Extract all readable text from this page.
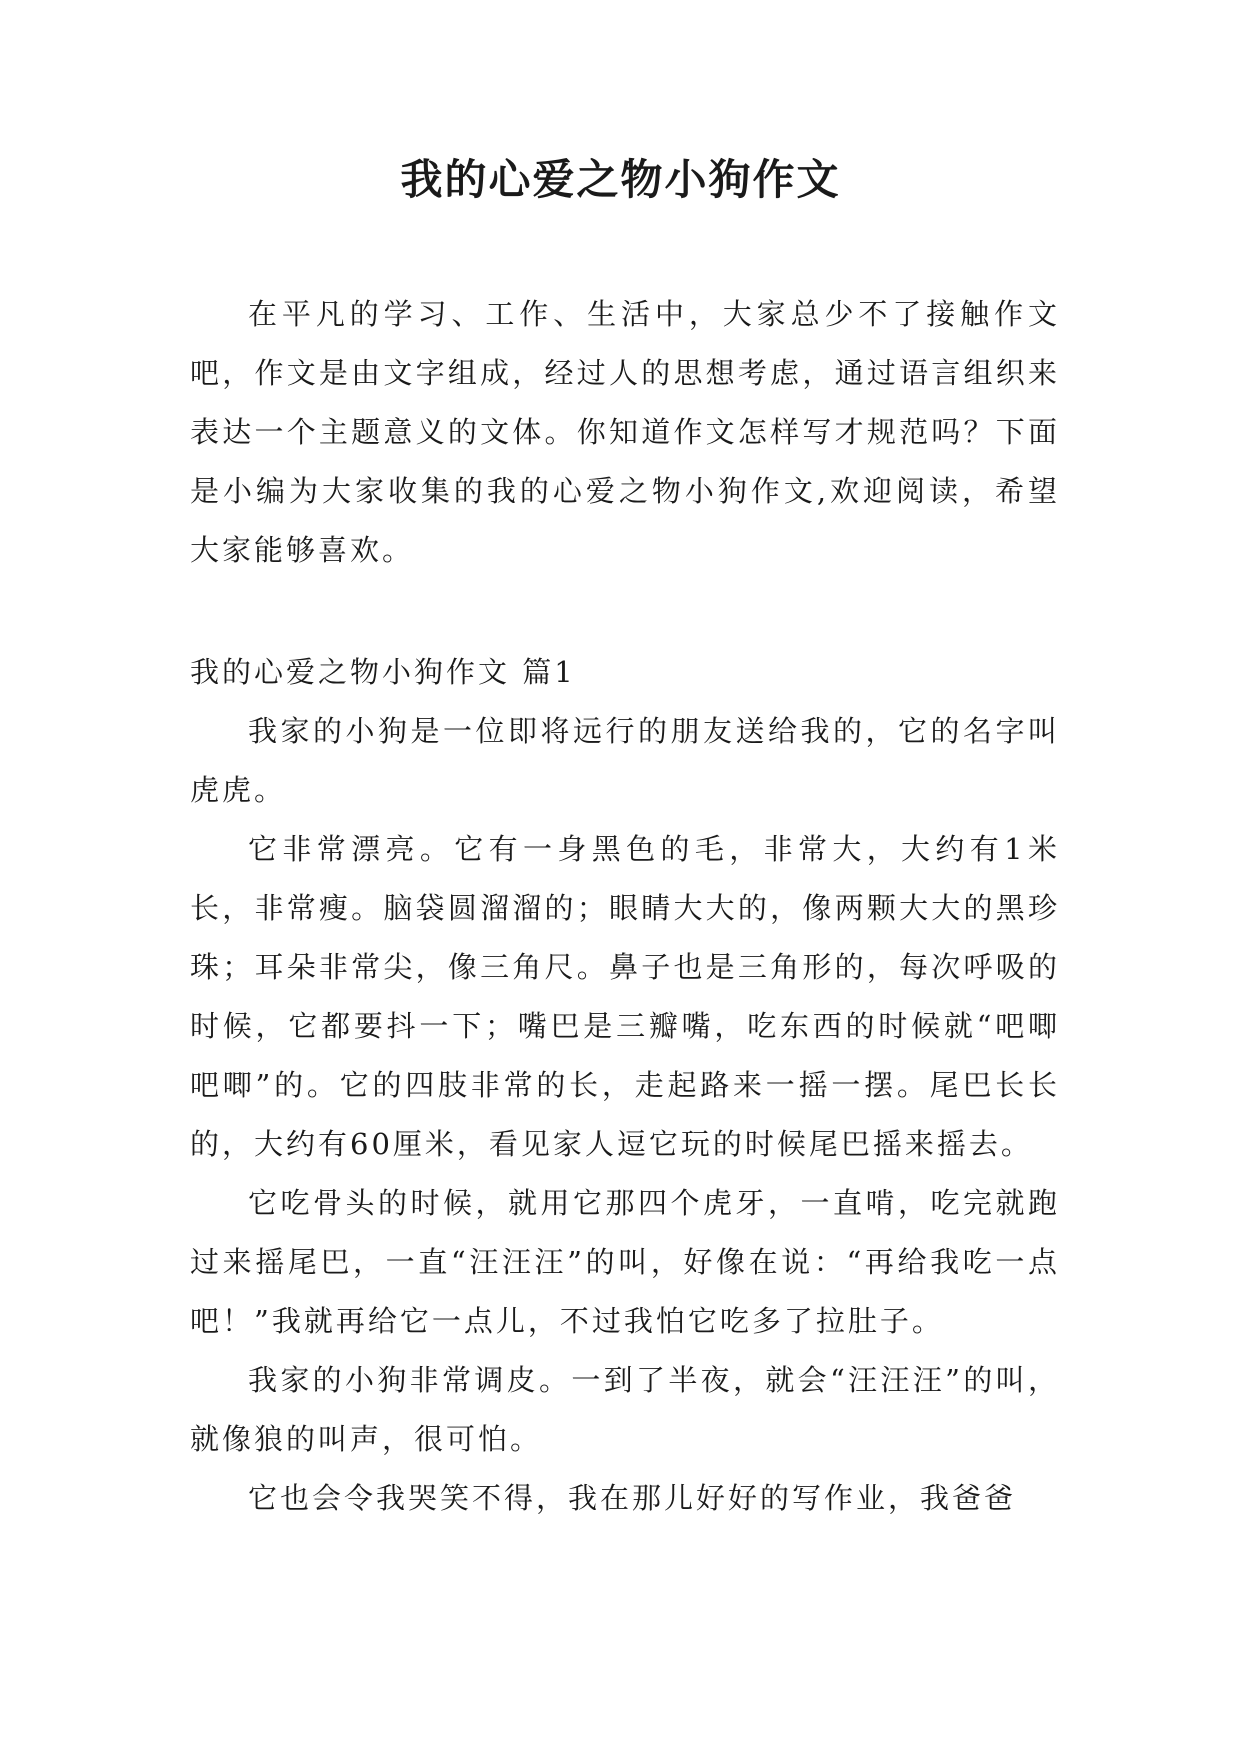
我的心爱之物小狗作文

在平凡的学习、工作、生活中，大家总少不了接触作文吧，作文是由文字组成，经过人的思想考虑，通过语言组织来表达一个主题意义的文体。你知道作文怎样写才规范吗？下面是小编为大家收集的我的心爱之物小狗作文,欢迎阅读，希望大家能够喜欢。

我的心爱之物小狗作文 篇1

我家的小狗是一位即将远行的朋友送给我的，它的名字叫虎虎。

它非常漂亮。它有一身黑色的毛，非常大，大约有1米长，非常瘦。脑袋圆溜溜的；眼睛大大的，像两颗大大的黑珍珠；耳朵非常尖，像三角尺。鼻子也是三角形的，每次呼吸的时候，它都要抖一下；嘴巴是三瓣嘴，吃东西的时候就“吧唧吧唧”的。它的四肢非常的长，走起路来一摇一摆。尾巴长长的，大约有60厘米，看见家人逗它玩的时候尾巴摇来摇去。

它吃骨头的时候，就用它那四个虎牙，一直啃，吃完就跑过来摇尾巴，一直“汪汪汪”的叫，好像在说：“再给我吃一点吧！”我就再给它一点儿，不过我怕它吃多了拉肚子。

我家的小狗非常调皮。一到了半夜，就会“汪汪汪”的叫，就像狼的叫声，很可怕。

它也会令我哭笑不得，我在那儿好好的写作业，我爸爸
